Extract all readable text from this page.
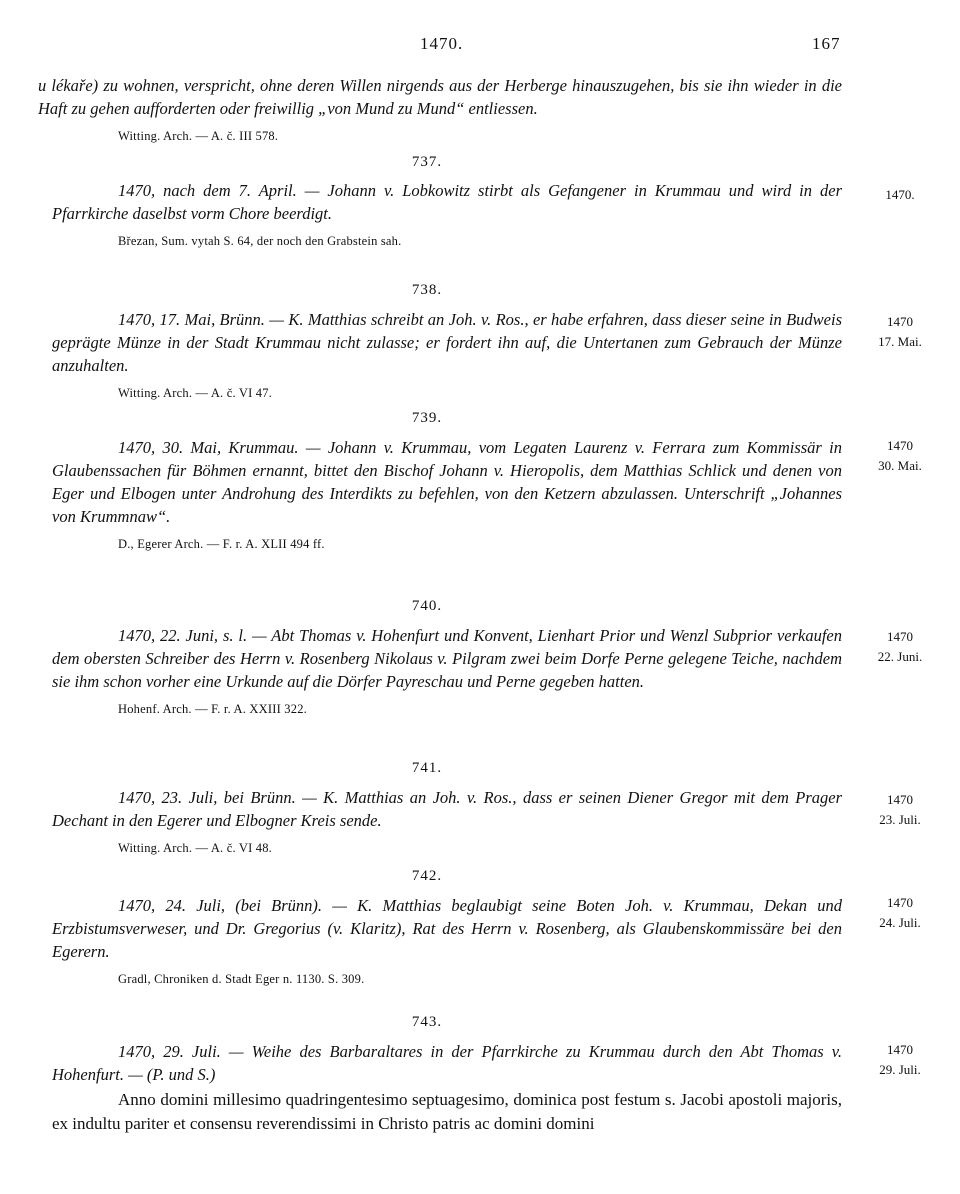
1470.	167

u lékaře) zu wohnen, verspricht, ohne deren Willen nirgends aus der Herberge hinauszugehen, bis sie ihn wieder in die Haft zu gehen aufforderten oder freiwillig „von Mund zu Mund“ entliessen.

Witting. Arch. — A. č. III 578.

737.

1470, nach dem 7. April. — Johann v. Lobkowitz stirbt als Gefangener in Krummau und wird in der Pfarrkirche daselbst vorm Chore beerdigt.

Březan, Sum. vytah S. 64, der noch den Grabstein sah.

1470.

738.

1470, 17. Mai, Brünn. — K. Matthias schreibt an Joh. v. Ros., er habe erfahren, dass dieser seine in Budweis geprägte Münze in der Stadt Krummau nicht zulasse; er fordert ihn auf, die Untertanen zum Gebrauch der Münze anzuhalten.

Witting. Arch. — A. č. VI 47.

1470
17. Mai.

739.

1470, 30. Mai, Krummau. — Johann v. Krummau, vom Legaten Laurenz v. Ferrara zum Kommissär in Glaubenssachen für Böhmen ernannt, bittet den Bischof Johann v. Hieropolis, dem Matthias Schlick und denen von Eger und Elbogen unter Androhung des Interdikts zu befehlen, von den Ketzern abzulassen. Unterschrift „Johannes von Krummnaw“.

D., Egerer Arch. — F. r. A. XLII 494 ff.

1470
30. Mai.

740.

1470, 22. Juni, s. l. — Abt Thomas v. Hohenfurt und Konvent, Lienhart Prior und Wenzl Subprior verkaufen dem obersten Schreiber des Herrn v. Rosenberg Nikolaus v. Pilgram zwei beim Dorfe Perne gelegene Teiche, nachdem sie ihm schon vorher eine Urkunde auf die Dörfer Payreschau und Perne gegeben hatten.

Hohenf. Arch. — F. r. A. XXIII 322.

1470
22. Juni.

741.

1470, 23. Juli, bei Brünn. — K. Matthias an Joh. v. Ros., dass er seinen Diener Gregor mit dem Prager Dechant in den Egerer und Elbogner Kreis sende.

Witting. Arch. — A. č. VI 48.

1470
23. Juli.

742.

1470, 24. Juli, (bei Brünn). — K. Matthias beglaubigt seine Boten Joh. v. Krummau, Dekan und Erzbistumsverweser, und Dr. Gregorius (v. Klaritz), Rat des Herrn v. Rosenberg, als Glaubenskommissäre bei den Egerern.

Gradl, Chroniken d. Stadt Eger n. 1130. S. 309.

1470
24. Juli.

743.

1470, 29. Juli. — Weihe des Barbaraltares in der Pfarrkirche zu Krummau durch den Abt Thomas v. Hohenfurt. — (P. und S.)

Anno domini millesimo quadringentesimo septuagesimo, dominica post festum s. Jacobi apostoli majoris, ex indultu pariter et consensu reverendissimi in Christo patris ac domini domini

1470
29. Juli.
